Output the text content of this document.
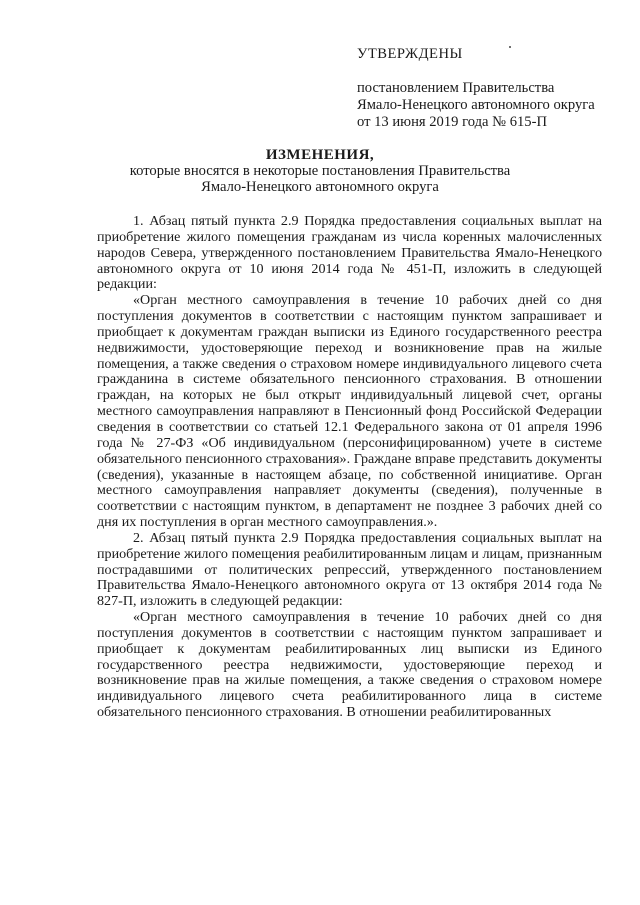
УТВЕРЖДЕНЫ
постановлением Правительства
Ямало-Ненецкого автономного округа
от 13 июня 2019 года № 615-П
ИЗМЕНЕНИЯ,
которые вносятся в некоторые постановления Правительства
Ямало-Ненецкого автономного округа

1. Абзац пятый пункта 2.9 Порядка предоставления социальных выплат на приобретение жилого помещения гражданам из числа коренных малочисленных народов Севера, утвержденного постановлением Правительства Ямало-Ненецкого автономного округа от 10 июня 2014 года № 451-П, изложить в следующей редакции:

«Орган местного самоуправления в течение 10 рабочих дней со дня поступления документов в соответствии с настоящим пунктом запрашивает и приобщает к документам граждан выписки из Единого государственного реестра недвижимости, удостоверяющие переход и возникновение прав на жилые помещения, а также сведения о страховом номере индивидуального лицевого счета гражданина в системе обязательного пенсионного страхования. В отношении граждан, на которых не был открыт индивидуальный лицевой счет, органы местного самоуправления направляют в Пенсионный фонд Российской Федерации сведения в соответствии со статьей 12.1 Федерального закона от 01 апреля 1996 года № 27-ФЗ «Об индивидуальном (персонифицированном) учете в системе обязательного пенсионного страхования». Граждане вправе представить документы (сведения), указанные в настоящем абзаце, по собственной инициативе. Орган местного самоуправления направляет документы (сведения), полученные в соответствии с настоящим пунктом, в департамент не позднее 3 рабочих дней со дня их поступления в орган местного самоуправления.».

2. Абзац пятый пункта 2.9 Порядка предоставления социальных выплат на приобретение жилого помещения реабилитированным лицам и лицам, признанным пострадавшими от политических репрессий, утвержденного постановлением Правительства Ямало-Ненецкого автономного округа от 13 октября 2014 года № 827-П, изложить в следующей редакции:

«Орган местного самоуправления в течение 10 рабочих дней со дня поступления документов в соответствии с настоящим пунктом запрашивает и приобщает к документам реабилитированных лиц выписки из Единого государственного реестра недвижимости, удостоверяющие переход и возникновение прав на жилые помещения, а также сведения о страховом номере индивидуального лицевого счета реабилитированного лица в системе обязательного пенсионного страхования. В отношении реабилитированных
